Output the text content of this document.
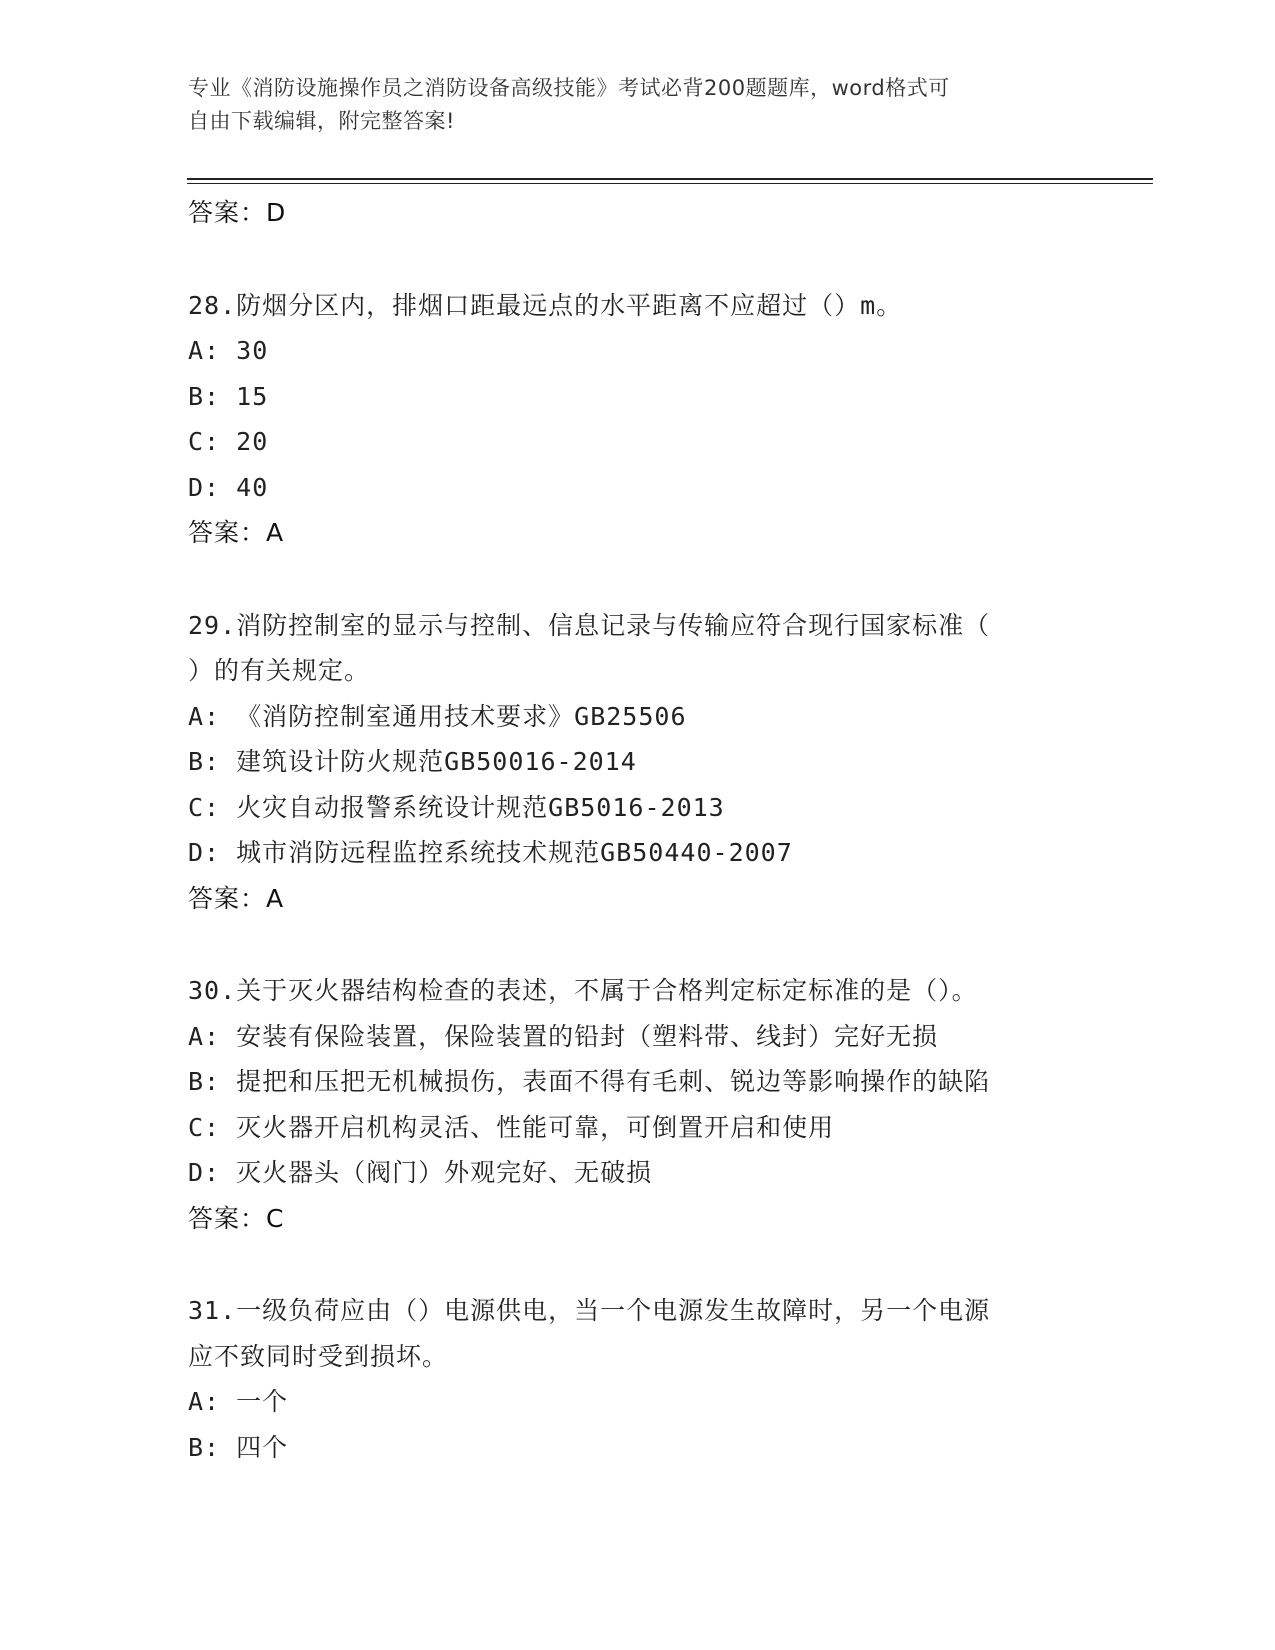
专业《消防设施操作员之消防设备高级技能》考试必背200题题库，word格式可
自由下载编辑，附完整答案!
答案：D
28.防烟分区内，排烟口距最远点的水平距离不应超过（）m。
A: 30
B: 15
C: 20
D: 40
答案：A
29.消防控制室的显示与控制、信息记录与传输应符合现行国家标准（
）的有关规定。
A: 《消防控制室通用技术要求》GB25506
B: 建筑设计防火规范GB50016-2014
C: 火灾自动报警系统设计规范GB5016-2013
D: 城市消防远程监控系统技术规范GB50440-2007
答案：A
30.关于灭火器结构检查的表述，不属于合格判定标定标准的是（）。
A: 安装有保险装置，保险装置的铅封（塑料带、线封）完好无损
B: 提把和压把无机械损伤，表面不得有毛刺、锐边等影响操作的缺陷
C: 灭火器开启机构灵活、性能可靠，可倒置开启和使用
D: 灭火器头（阀门）外观完好、无破损
答案：C
31.一级负荷应由（）电源供电，当一个电源发生故障时，另一个电源
应不致同时受到损坏。
A: 一个
B: 四个
